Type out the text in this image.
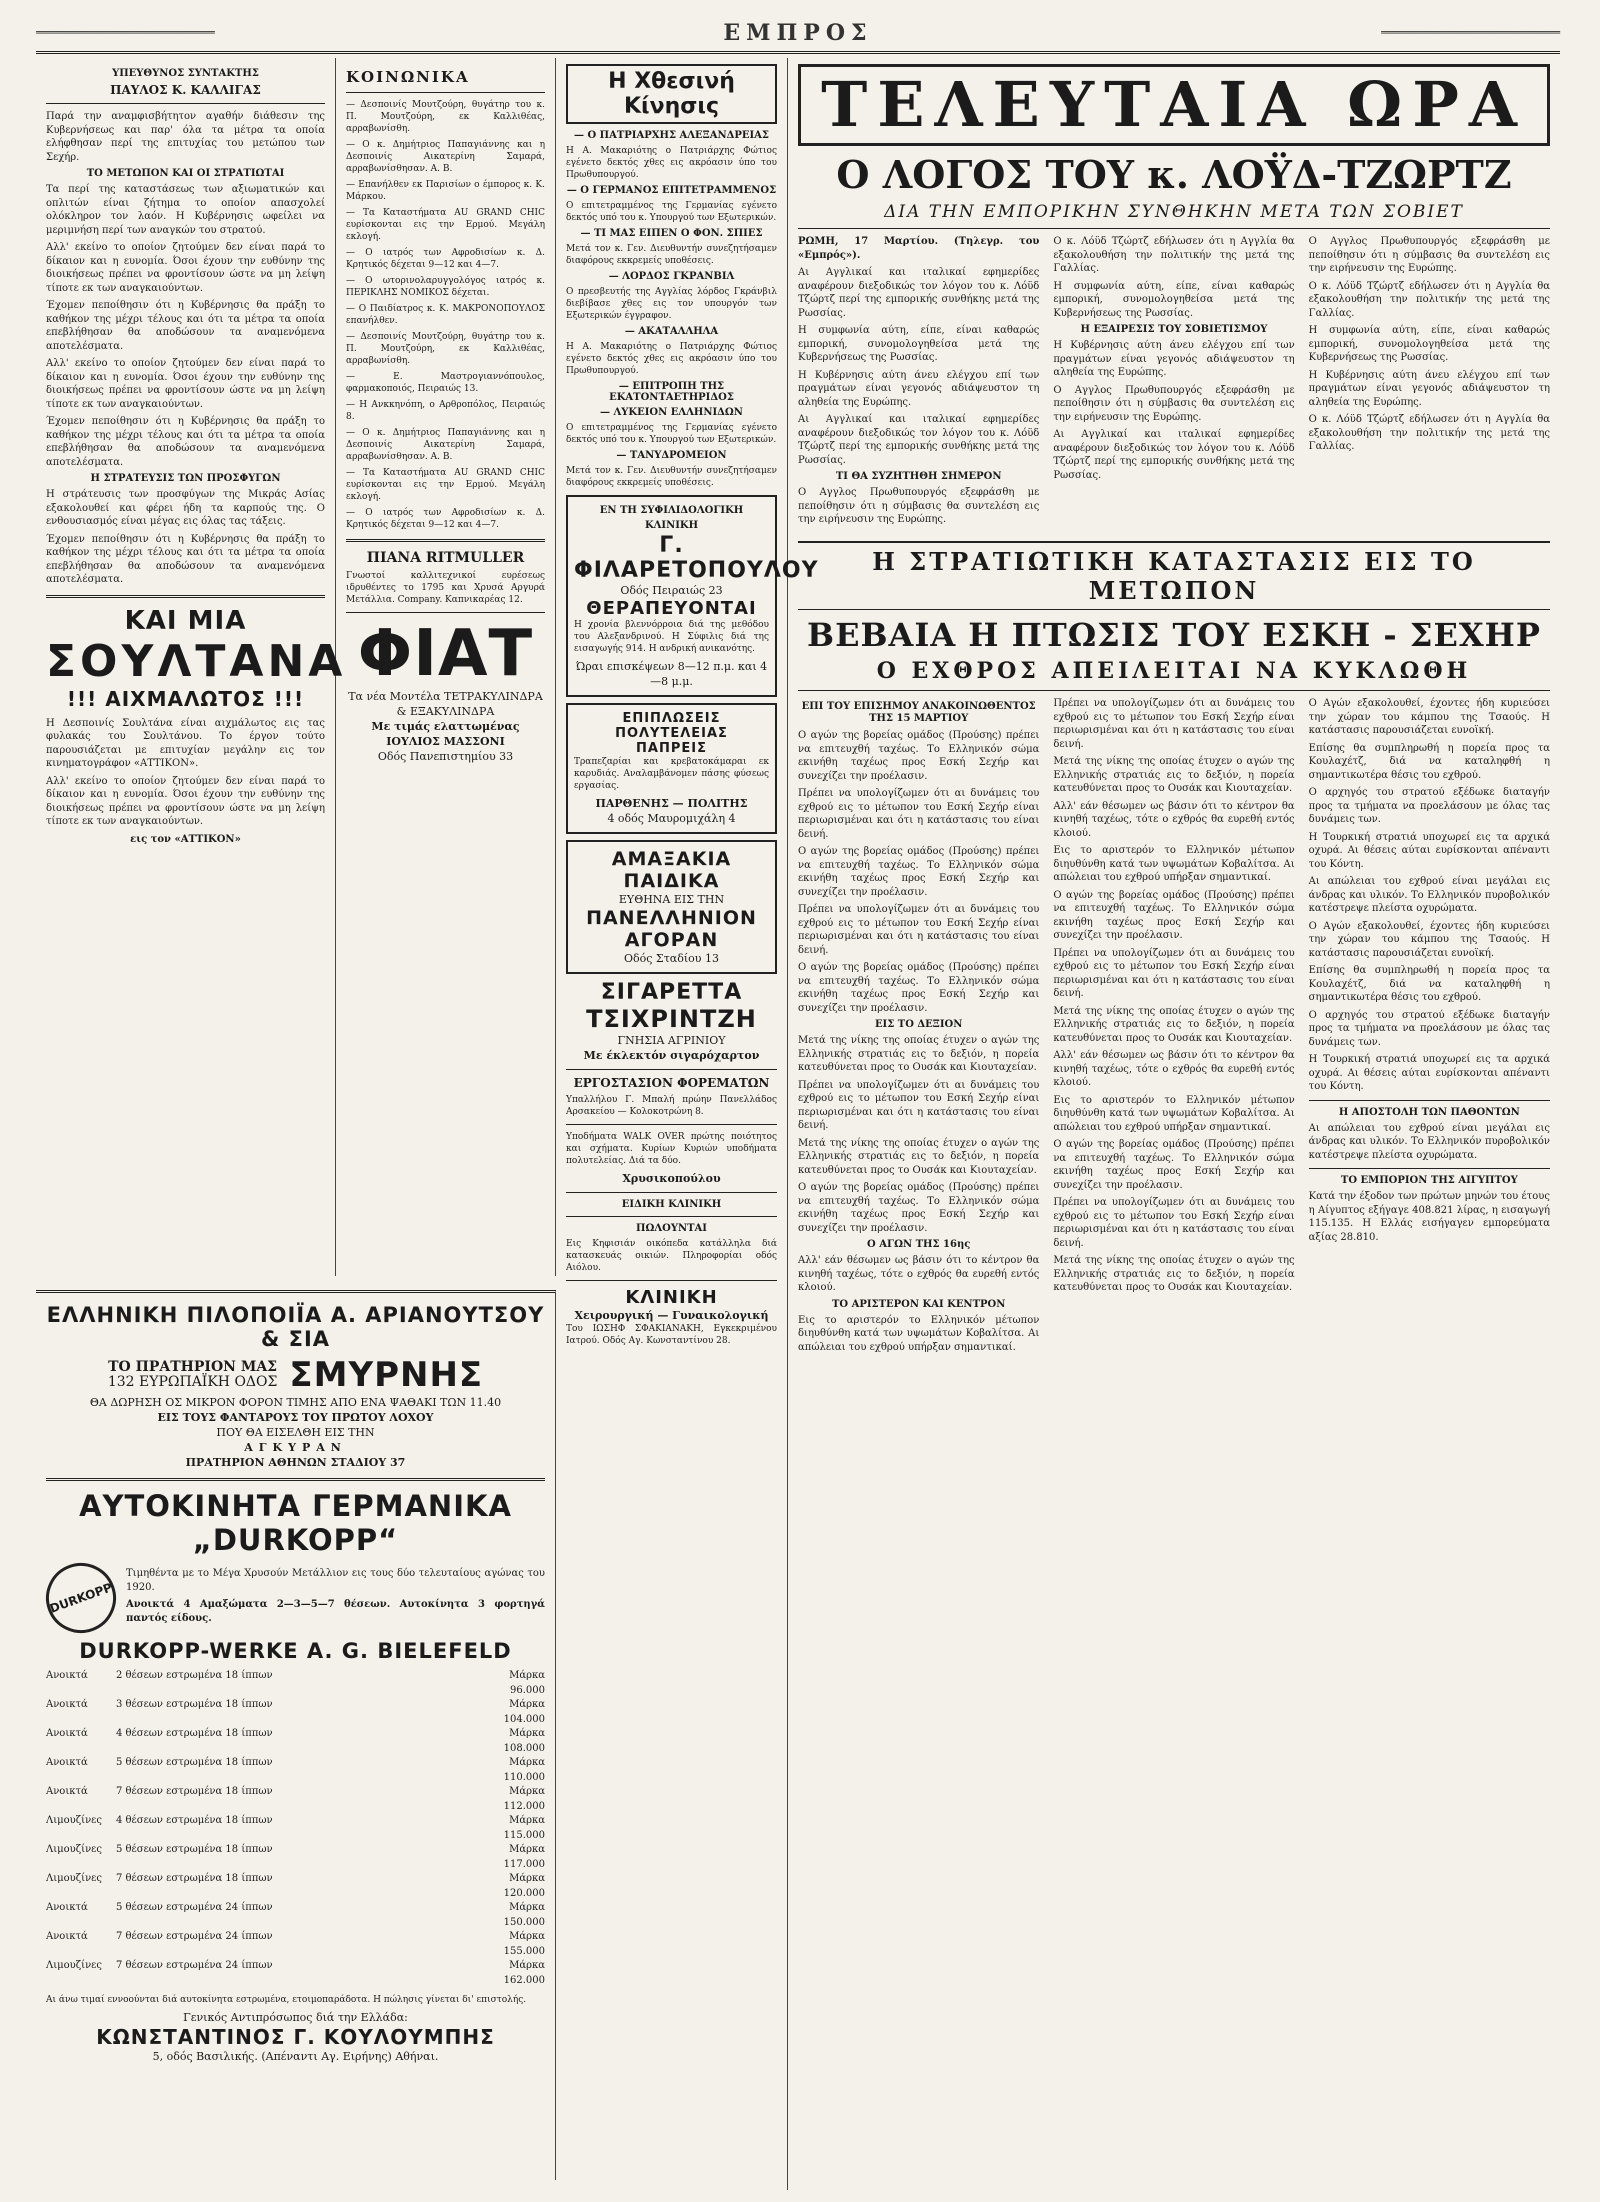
═══════════════════════════	ΕΜΠΡΟΣ	═══════════════════════════
ΥΠΕΥΘΥΝΟΣ ΣΥΝΤΑΚΤΗΣ
ΠΑΥΛΟΣ Κ. ΚΑΛΛΙΓΑΣ

Παρά την αναμφισβήτητον αγαθήν διάθεσιν της Κυβερνήσεως και παρ' όλα τα μέτρα τα οποία ελήφθησαν περί της επιτυχίας του μετώπου των Σεχήρ.

ΤΟ ΜΕΤΩΠΟΝ ΚΑΙ ΟΙ ΣΤΡΑΤΙΩΤΑΙ

Τα περί της καταστάσεως των αξιωματικών και οπλιτών είναι ζήτημα το οποίον απασχολεί ολόκληρον τον λαόν. Η Κυβέρνησις ωφείλει να μεριμνήση περί των αναγκών του στρατού.

Αλλ' εκείνο το οποίον ζητούμεν δεν είναι παρά το δίκαιον και η ευνομία. Όσοι έχουν την ευθύνην της διοικήσεως πρέπει να φροντίσουν ώστε να μη λείψη τίποτε εκ των αναγκαιούντων.

Έχομεν πεποίθησιν ότι η Κυβέρνησις θα πράξη το καθήκον της μέχρι τέλους και ότι τα μέτρα τα οποία επεβλήθησαν θα αποδώσουν τα αναμενόμενα αποτελέσματα.

Αλλ' εκείνο το οποίον ζητούμεν δεν είναι παρά το δίκαιον και η ευνομία. Όσοι έχουν την ευθύνην της διοικήσεως πρέπει να φροντίσουν ώστε να μη λείψη τίποτε εκ των αναγκαιούντων.

Έχομεν πεποίθησιν ότι η Κυβέρνησις θα πράξη το καθήκον της μέχρι τέλους και ότι τα μέτρα τα οποία επεβλήθησαν θα αποδώσουν τα αναμενόμενα αποτελέσματα.

Η ΣΤΡΑΤΕΥΣΙΣ ΤΩΝ ΠΡΟΣΦΥΓΩΝ

Η στράτευσις των προσφύγων της Μικράς Ασίας εξακολουθεί και φέρει ήδη τα καρπούς της. Ο ενθουσιασμός είναι μέγας εις όλας τας τάξεις.

Έχομεν πεποίθησιν ότι η Κυβέρνησις θα πράξη το καθήκον της μέχρι τέλους και ότι τα μέτρα τα οποία επεβλήθησαν θα αποδώσουν τα αναμενόμενα αποτελέσματα.

ΚΑΙ ΜΙΑ
ΣΟΥΛΤΑΝΑ
!!! ΑΙΧΜΑΛΩΤΟΣ !!!

Η Δεσποινίς Σουλτάνα είναι αιχμάλωτος εις τας φυλακάς του Σουλτάνου. Το έργον τούτο παρουσιάζεται με επιτυχίαν μεγάλην εις τον κινηματογράφον «ΑΤΤΙΚΟΝ».

Αλλ' εκείνο το οποίον ζητούμεν δεν είναι παρά το δίκαιον και η ευνομία. Όσοι έχουν την ευθύνην της διοικήσεως πρέπει να φροντίσουν ώστε να μη λείψη τίποτε εκ των αναγκαιούντων.

εις τον «ΑΤΤΙΚΟΝ»

ΚΟΙΝΩΝΙΚΑ

— Δεσποινίς Μουτζούρη, θυγάτηρ του κ. Π. Μουτζούρη, εκ Καλλιθέας, αρραβωνίσθη.

— Ο κ. Δημήτριος Παπαγιάννης και η Δεσποινίς Αικατερίνη Σαμαρά, αρραβωνίσθησαν. Α. Β.

— Επανήλθεν εκ Παρισίων ο έμπορος κ. Κ. Μάρκου.

— Τα Καταστήματα AU GRAND CHIC ευρίσκονται εις την Ερμού. Μεγάλη εκλογή.

— Ο ιατρός των Αφροδισίων κ. Δ. Κρητικός δέχεται 9—12 και 4—7.

— Ο ωτορινολαρυγγολόγος ιατρός κ. ΠΕΡΙΚΛΗΣ ΝΟΜΙΚΟΣ δέχεται.

— Ο Παιδίατρος κ. Κ. ΜΑΚΡΟΝΟΠΟΥΛΟΣ επανήλθεν.

— Δεσποινίς Μουτζούρη, θυγάτηρ του κ. Π. Μουτζούρη, εκ Καλλιθέας, αρραβωνίσθη.

— Ε. Μαστρογιαννόπουλος, φαρμακοποιός, Πειραιώς 13.

— Η Ανκκηνόπη, ο Αρθροπόλος, Πειραιώς 8.

— Ο κ. Δημήτριος Παπαγιάννης και η Δεσποινίς Αικατερίνη Σαμαρά, αρραβωνίσθησαν. Α. Β.

— Τα Καταστήματα AU GRAND CHIC ευρίσκονται εις την Ερμού. Μεγάλη εκλογή.

— Ο ιατρός των Αφροδισίων κ. Δ. Κρητικός δέχεται 9—12 και 4—7.

ΠΙΑΝΑ RITMULLER

Γνωστοί καλλιτεχνικοί ευρέσεως ιδρυθέντες το 1795 και Χρυσά Αργυρά Μετάλλια. Company. Καπνικαρέας 12.

ΦΙΑΤ
Τα νέα Μοντέλα ΤΕΤΡΑΚΥΛΙΝΔΡΑ & ΕΞΑΚΥΛΙΝΔΡΑ
Με τιμάς ελαττωμένας
ΙΟΥΛΙΟΣ ΜΑΣΣΟΝΙ
Οδός Πανεπιστημίου 33
Η Χθεσινή Κίνησις
— Ο ΠΑΤΡΙΑΡΧΗΣ ΑΛΕΞΑΝΔΡΕΙΑΣ

Η Α. Μακαριότης ο Πατριάρχης Φώτιος εγένετο δεκτός χθες εις ακρόασιν ύπο του Πρωθυπουργού.

— Ο ΓΕΡΜΑΝΟΣ ΕΠΙΤΕΤΡΑΜΜΕΝΟΣ

Ο επιτετραμμένος της Γερμανίας εγένετο δεκτός υπό του κ. Υπουργού των Εξωτερικών.

— ΤΙ ΜΑΣ ΕΙΠΕΝ Ο ΦΟΝ. ΣΠΙΕΣ

Μετά τον κ. Γεν. Διευθυντήν συνεζητήσαμεν διαφόρους εκκρεμείς υποθέσεις.

— ΛΟΡΔΟΣ ΓΚΡΑΝΒΙΛ

Ο πρεσβευτής της Αγγλίας λόρδος Γκράνβιλ διεβίβασε χθες εις τον υπουργόν των Εξωτερικών έγγραφον.

— ΑΚΑΤΑΛΛΗΛΑ

Η Α. Μακαριότης ο Πατριάρχης Φώτιος εγένετο δεκτός χθες εις ακρόασιν ύπο του Πρωθυπουργού.

— ΕΠΙΤΡΟΠΗ ΤΗΣ ΕΚΑΤΟΝΤΑΕΤΗΡΙΔΟΣ
— ΛΥΚΕΙΟΝ ΕΛΛΗΝΙΔΩΝ

Ο επιτετραμμένος της Γερμανίας εγένετο δεκτός υπό του κ. Υπουργού των Εξωτερικών.

— ΤΑΝΥΔΡΟΜΕΙΟΝ

Μετά τον κ. Γεν. Διευθυντήν συνεζητήσαμεν διαφόρους εκκρεμείς υποθέσεις.

ΕΝ ΤΗ ΣΥΦΙΛΙΔΟΛΟΓΙΚΗ ΚΛΙΝΙΚΗ
Γ. ΦΙΛΑΡΕΤΟΠΟΥΛΟΥ
Οδός Πειραιώς 23
ΘΕΡΑΠΕΥΟΝΤΑΙ

Η χρονία βλεννόρροια διά της μεθόδου του Αλεξανδρινού. Η Σύφιλις διά της εισαγωγής 914. Η ανδρική ανικανότης.

Ώραι επισκέψεων 8—12 π.μ. και 4—8 μ.μ.
ΕΠΙΠΛΩΣΕΙΣ ΠΟΛΥΤΕΛΕΙΑΣ
ΠΑΠΡΕΙΣ

Τραπεζαρίαι και κρεβατοκάμαραι εκ καρυδιάς. Αναλαμβάνομεν πάσης φύσεως εργασίας.

ΠΑΡΘΕΝΗΣ — ΠΟΛΙΤΗΣ
4 οδός Μαυρομιχάλη 4
ΑΜΑΞΑΚΙΑ ΠΑΙΔΙΚΑ
ΕΥΘΗΝΑ ΕΙΣ ΤΗΝ
ΠΑΝΕΛΛΗΝΙΟΝ ΑΓΟΡΑΝ
Οδός Σταδίου 13
ΣΙΓΑΡΕΤΤΑ
ΤΣΙΧΡΙΝΤΖΗ
ΓΝΗΣΙΑ ΑΓΡΙΝΙΟΥ
Με έκλεκτόν σιγαρόχαρτον
ΕΡΓΟΣΤΑΣΙΟΝ ΦΟΡΕΜΑΤΩΝ

Υπαλλήλου Γ. Μπαλή πρώην Πανελλάδος Αρσακείου — Κολοκοτρώνη 8.

Υποδήματα WALK OVER πρώτης ποιότητος και σχήματα. Κυρίων Κυριών υποδήματα πολυτελείας. Διά τα δύο.

Χρυσικοπούλου
ΕΙΔΙΚΗ ΚΛΙΝΙΚΗ
ΠΩΛΟΥΝΤΑΙ

Εις Κηφισιάν οικόπεδα κατάλληλα διά κατασκευάς οικιών. Πληροφορίαι οδός Αιόλου.

ΚΛΙΝΙΚΗ
Χειρουργική — Γυναικολογική

Του ΙΩΣΗΦ ΣΦΑΚΙΑΝΑΚΗ, Εγκεκριμένου Ιατρού. Οδός Αγ. Κωνσταντίνου 28.

ΤΕΛΕΥΤΑΙΑ ΩΡΑ
Ο ΛΟΓΟΣ ΤΟΥ κ. ΛΟΫΔ-ΤΖΩΡΤΖ
ΔΙΑ ΤΗΝ ΕΜΠΟΡΙΚΗΝ ΣΥΝΘΗΚΗΝ ΜΕΤΑ ΤΩΝ ΣΟΒΙΕΤ

ΡΩΜΗ, 17 Μαρτίου. (Τηλεγρ. του «Εμπρός»).

Αι Αγγλικαί και ιταλικαί εφημερίδες αναφέρουν διεξοδικώς τον λόγον του κ. Λόϋδ Τζώρτζ περί της εμπορικής συνθήκης μετά της Ρωσσίας.

Η συμφωνία αύτη, είπε, είναι καθαρώς εμπορική, συνομολογηθείσα μετά της Κυβερνήσεως της Ρωσσίας.

Η Κυβέρνησις αύτη άνευ ελέγχου επί των πραγμάτων είναι γεγονός αδιάψευστον τη αληθεία της Ευρώπης.

Αι Αγγλικαί και ιταλικαί εφημερίδες αναφέρουν διεξοδικώς τον λόγον του κ. Λόϋδ Τζώρτζ περί της εμπορικής συνθήκης μετά της Ρωσσίας.

ΤΙ ΘΑ ΣΥΖΗΤΗΘΗ ΣΗΜΕΡΟΝ

Ο Αγγλος Πρωθυπουργός εξεφράσθη με πεποίθησιν ότι η σύμβασις θα συντελέση εις την ειρήνευσιν της Ευρώπης.

Ο κ. Λόϋδ Τζώρτζ εδήλωσεν ότι η Αγγλία θα εξακολουθήση την πολιτικήν της μετά της Γαλλίας.

Η συμφωνία αύτη, είπε, είναι καθαρώς εμπορική, συνομολογηθείσα μετά της Κυβερνήσεως της Ρωσσίας.

Η ΕΞΑΙΡΕΣΙΣ ΤΟΥ ΣΟΒΙΕΤΙΣΜΟΥ

Η Κυβέρνησις αύτη άνευ ελέγχου επί των πραγμάτων είναι γεγονός αδιάψευστον τη αληθεία της Ευρώπης.

Ο Αγγλος Πρωθυπουργός εξεφράσθη με πεποίθησιν ότι η σύμβασις θα συντελέση εις την ειρήνευσιν της Ευρώπης.

Αι Αγγλικαί και ιταλικαί εφημερίδες αναφέρουν διεξοδικώς τον λόγον του κ. Λόϋδ Τζώρτζ περί της εμπορικής συνθήκης μετά της Ρωσσίας.

Ο Αγγλος Πρωθυπουργός εξεφράσθη με πεποίθησιν ότι η σύμβασις θα συντελέση εις την ειρήνευσιν της Ευρώπης.

Ο κ. Λόϋδ Τζώρτζ εδήλωσεν ότι η Αγγλία θα εξακολουθήση την πολιτικήν της μετά της Γαλλίας.

Η συμφωνία αύτη, είπε, είναι καθαρώς εμπορική, συνομολογηθείσα μετά της Κυβερνήσεως της Ρωσσίας.

Η Κυβέρνησις αύτη άνευ ελέγχου επί των πραγμάτων είναι γεγονός αδιάψευστον τη αληθεία της Ευρώπης.

Ο κ. Λόϋδ Τζώρτζ εδήλωσεν ότι η Αγγλία θα εξακολουθήση την πολιτικήν της μετά της Γαλλίας.

Η ΣΤΡΑΤΙΩΤΙΚΗ ΚΑΤΑΣΤΑΣΙΣ ΕΙΣ ΤΟ ΜΕΤΩΠΟΝ
ΒΕΒΑΙΑ Η ΠΤΩΣΙΣ ΤΟΥ ΕΣΚΗ - ΣΕΧΗΡ
Ο ΕΧΘΡΟΣ ΑΠΕΙΛΕΙΤΑΙ ΝΑ ΚΥΚΛΩΘΗ
ΕΠΙ ΤΟΥ ΕΠΙΣΗΜΟΥ ΑΝΑΚΟΙΝΩΘΕΝΤΟΣ ΤΗΣ 15 ΜΑΡΤΙΟΥ

Ο αγών της βορείας ομάδος (Προύσης) πρέπει να επιτευχθή ταχέως. Το Ελληνικόν σώμα εκινήθη ταχέως προς Εσκή Σεχήρ και συνεχίζει την προέλασιν.

Πρέπει να υπολογίζωμεν ότι αι δυνάμεις του εχθρού εις το μέτωπον του Εσκή Σεχήρ είναι περιωρισμέναι και ότι η κατάστασις του είναι δεινή.

Ο αγών της βορείας ομάδος (Προύσης) πρέπει να επιτευχθή ταχέως. Το Ελληνικόν σώμα εκινήθη ταχέως προς Εσκή Σεχήρ και συνεχίζει την προέλασιν.

Πρέπει να υπολογίζωμεν ότι αι δυνάμεις του εχθρού εις το μέτωπον του Εσκή Σεχήρ είναι περιωρισμέναι και ότι η κατάστασις του είναι δεινή.

Ο αγών της βορείας ομάδος (Προύσης) πρέπει να επιτευχθή ταχέως. Το Ελληνικόν σώμα εκινήθη ταχέως προς Εσκή Σεχήρ και συνεχίζει την προέλασιν.

ΕΙΣ ΤΟ ΔΕΞΙΟΝ

Μετά της νίκης της οποίας έτυχεν ο αγών της Ελληνικής στρατιάς εις το δεξιόν, η πορεία κατευθύνεται προς το Ουσάκ και Κιουταχείαν.

Πρέπει να υπολογίζωμεν ότι αι δυνάμεις του εχθρού εις το μέτωπον του Εσκή Σεχήρ είναι περιωρισμέναι και ότι η κατάστασις του είναι δεινή.

Μετά της νίκης της οποίας έτυχεν ο αγών της Ελληνικής στρατιάς εις το δεξιόν, η πορεία κατευθύνεται προς το Ουσάκ και Κιουταχείαν.

Ο αγών της βορείας ομάδος (Προύσης) πρέπει να επιτευχθή ταχέως. Το Ελληνικόν σώμα εκινήθη ταχέως προς Εσκή Σεχήρ και συνεχίζει την προέλασιν.

Ο ΑΓΩΝ ΤΗΣ 16ης

Αλλ' εάν θέσωμεν ως βάσιν ότι το κέντρον θα κινηθή ταχέως, τότε ο εχθρός θα ευρεθή εντός κλοιού.

ΤΟ ΑΡΙΣΤΕΡΟΝ ΚΑΙ ΚΕΝΤΡΟΝ

Εις το αριστερόν το Ελληνικόν μέτωπον διηυθύνθη κατά των υψωμάτων Κοβαλίτσα. Αι απώλειαι του εχθρού υπήρξαν σημαντικαί.

Πρέπει να υπολογίζωμεν ότι αι δυνάμεις του εχθρού εις το μέτωπον του Εσκή Σεχήρ είναι περιωρισμέναι και ότι η κατάστασις του είναι δεινή.

Μετά της νίκης της οποίας έτυχεν ο αγών της Ελληνικής στρατιάς εις το δεξιόν, η πορεία κατευθύνεται προς το Ουσάκ και Κιουταχείαν.

Αλλ' εάν θέσωμεν ως βάσιν ότι το κέντρον θα κινηθή ταχέως, τότε ο εχθρός θα ευρεθή εντός κλοιού.

Εις το αριστερόν το Ελληνικόν μέτωπον διηυθύνθη κατά των υψωμάτων Κοβαλίτσα. Αι απώλειαι του εχθρού υπήρξαν σημαντικαί.

Ο αγών της βορείας ομάδος (Προύσης) πρέπει να επιτευχθή ταχέως. Το Ελληνικόν σώμα εκινήθη ταχέως προς Εσκή Σεχήρ και συνεχίζει την προέλασιν.

Πρέπει να υπολογίζωμεν ότι αι δυνάμεις του εχθρού εις το μέτωπον του Εσκή Σεχήρ είναι περιωρισμέναι και ότι η κατάστασις του είναι δεινή.

Μετά της νίκης της οποίας έτυχεν ο αγών της Ελληνικής στρατιάς εις το δεξιόν, η πορεία κατευθύνεται προς το Ουσάκ και Κιουταχείαν.

Αλλ' εάν θέσωμεν ως βάσιν ότι το κέντρον θα κινηθή ταχέως, τότε ο εχθρός θα ευρεθή εντός κλοιού.

Εις το αριστερόν το Ελληνικόν μέτωπον διηυθύνθη κατά των υψωμάτων Κοβαλίτσα. Αι απώλειαι του εχθρού υπήρξαν σημαντικαί.

Ο αγών της βορείας ομάδος (Προύσης) πρέπει να επιτευχθή ταχέως. Το Ελληνικόν σώμα εκινήθη ταχέως προς Εσκή Σεχήρ και συνεχίζει την προέλασιν.

Πρέπει να υπολογίζωμεν ότι αι δυνάμεις του εχθρού εις το μέτωπον του Εσκή Σεχήρ είναι περιωρισμέναι και ότι η κατάστασις του είναι δεινή.

Μετά της νίκης της οποίας έτυχεν ο αγών της Ελληνικής στρατιάς εις το δεξιόν, η πορεία κατευθύνεται προς το Ουσάκ και Κιουταχείαν.

Ο Αγών εξακολουθεί, έχοντες ήδη κυριεύσει την χώραν του κάμπου της Τσαούς. Η κατάστασις παρουσιάζεται ευνοϊκή.

Επίσης θα συμπληρωθή η πορεία προς τα Κουλαχέτζ, διά να καταληφθή η σημαντικωτέρα θέσις του εχθρού.

Ο αρχηγός του στρατού εξέδωκε διαταγήν προς τα τμήματα να προελάσουν με όλας τας δυνάμεις των.

Η Τουρκική στρατιά υποχωρεί εις τα αρχικά οχυρά. Αι θέσεις αύται ευρίσκονται απέναντι του Κόντη.

Αι απώλειαι του εχθρού είναι μεγάλαι εις άνδρας και υλικόν. Το Ελληνικόν πυροβολικόν κατέστρεψε πλείστα οχυρώματα.

Ο Αγών εξακολουθεί, έχοντες ήδη κυριεύσει την χώραν του κάμπου της Τσαούς. Η κατάστασις παρουσιάζεται ευνοϊκή.

Επίσης θα συμπληρωθή η πορεία προς τα Κουλαχέτζ, διά να καταληφθή η σημαντικωτέρα θέσις του εχθρού.

Ο αρχηγός του στρατού εξέδωκε διαταγήν προς τα τμήματα να προελάσουν με όλας τας δυνάμεις των.

Η Τουρκική στρατιά υποχωρεί εις τα αρχικά οχυρά. Αι θέσεις αύται ευρίσκονται απέναντι του Κόντη.

Η ΑΠΟΣΤΟΛΗ ΤΩΝ ΠΑΘΟΝΤΩΝ

Αι απώλειαι του εχθρού είναι μεγάλαι εις άνδρας και υλικόν. Το Ελληνικόν πυροβολικόν κατέστρεψε πλείστα οχυρώματα.

ΤΟ ΕΜΠΟΡΙΟΝ ΤΗΣ ΑΙΓΥΠΤΟΥ

Κατά την έξοδον των πρώτων μηνών του έτους η Αίγυπτος εξήγαγε 408.821 λίρας, η εισαγωγή 115.135. Η Ελλάς εισήγαγεν εμπορεύματα αξίας 28.810.

ΕΛΛΗΝΙΚΗ ΠΙΛΟΠΟΙΪΑ Α. ΑΡΙΑΝΟΥΤΣΟΥ & ΣΙΑ
ΤΟ ΠΡΑΤΗΡΙΟΝ ΜΑΣ
132 ΕΥΡΩΠΑΪΚΗ ΟΔΟΣ ΣΜΥΡΝΗΣ
ΘΑ ΔΩΡΗΣΗ ΟΣ ΜΙΚΡΟΝ ΦΟΡΟΝ ΤΙΜΗΣ ΑΠΟ ΕΝΑ ΨΑΘΑΚΙ ΤΩΝ 11.40
ΕΙΣ ΤΟΥΣ ΦΑΝΤΑΡΟΥΣ ΤΟΥ ΠΡΩΤΟΥ ΛΟΧΟΥ
ΠΟΥ ΘΑ ΕΙΣΕΛΘΗ ΕΙΣ ΤΗΝ
ΑΓΚΥΡΑΝ
ΠΡΑΤΗΡΙΟΝ ΑΘΗΝΩΝ ΣΤΑΔΙΟΥ 37
ΑΥΤΟΚΙΝΗΤΑ ΓΕΡΜΑΝΙΚΑ „DURKOPP“
DURKOPP

Τιμηθέντα με το Μέγα Χρυσούν Μετάλλιον εις τους δύο τελευταίους αγώνας του 1920.

Ανοικτά 4 Αμαξώματα 2—3—5—7 θέσεων. Αυτοκίνητα 3 φορτηγά παντός είδους.

DURKOPP-WERKE A. G. BIELEFELD
Ανοικτά	2 θέσεων εστρωμένα 18 ίππων	Μάρκα 96.000
Ανοικτά	3 θέσεων εστρωμένα 18 ίππων	Μάρκα 104.000
Ανοικτά	4 θέσεων εστρωμένα 18 ίππων	Μάρκα 108.000
Ανοικτά	5 θέσεων εστρωμένα 18 ίππων	Μάρκα 110.000
Ανοικτά	7 θέσεων εστρωμένα 18 ίππων	Μάρκα 112.000
Λιμουζίνες	4 θέσεων εστρωμένα 18 ίππων	Μάρκα 115.000
Λιμουζίνες	5 θέσεων εστρωμένα 18 ίππων	Μάρκα 117.000
Λιμουζίνες	7 θέσεων εστρωμένα 18 ίππων	Μάρκα 120.000
Ανοικτά	5 θέσεων εστρωμένα 24 ίππων	Μάρκα 150.000
Ανοικτά	7 θέσεων εστρωμένα 24 ίππων	Μάρκα 155.000
Λιμουζίνες	7 θέσεων εστρωμένα 24 ίππων	Μάρκα 162.000

Αι άνω τιμαί εννοούνται διά αυτοκίνητα εστρωμένα, ετοιμοπαράδοτα. Η πώλησις γίνεται δι' επιστολής.

Γενικός Αντιπρόσωπος διά την Ελλάδα:
ΚΩΝΣΤΑΝΤΙΝΟΣ Γ. ΚΟΥΛΟΥΜΠΗΣ
5, οδός Βασιλικής. (Απέναντι Αγ. Ειρήνης) Αθήναι.
